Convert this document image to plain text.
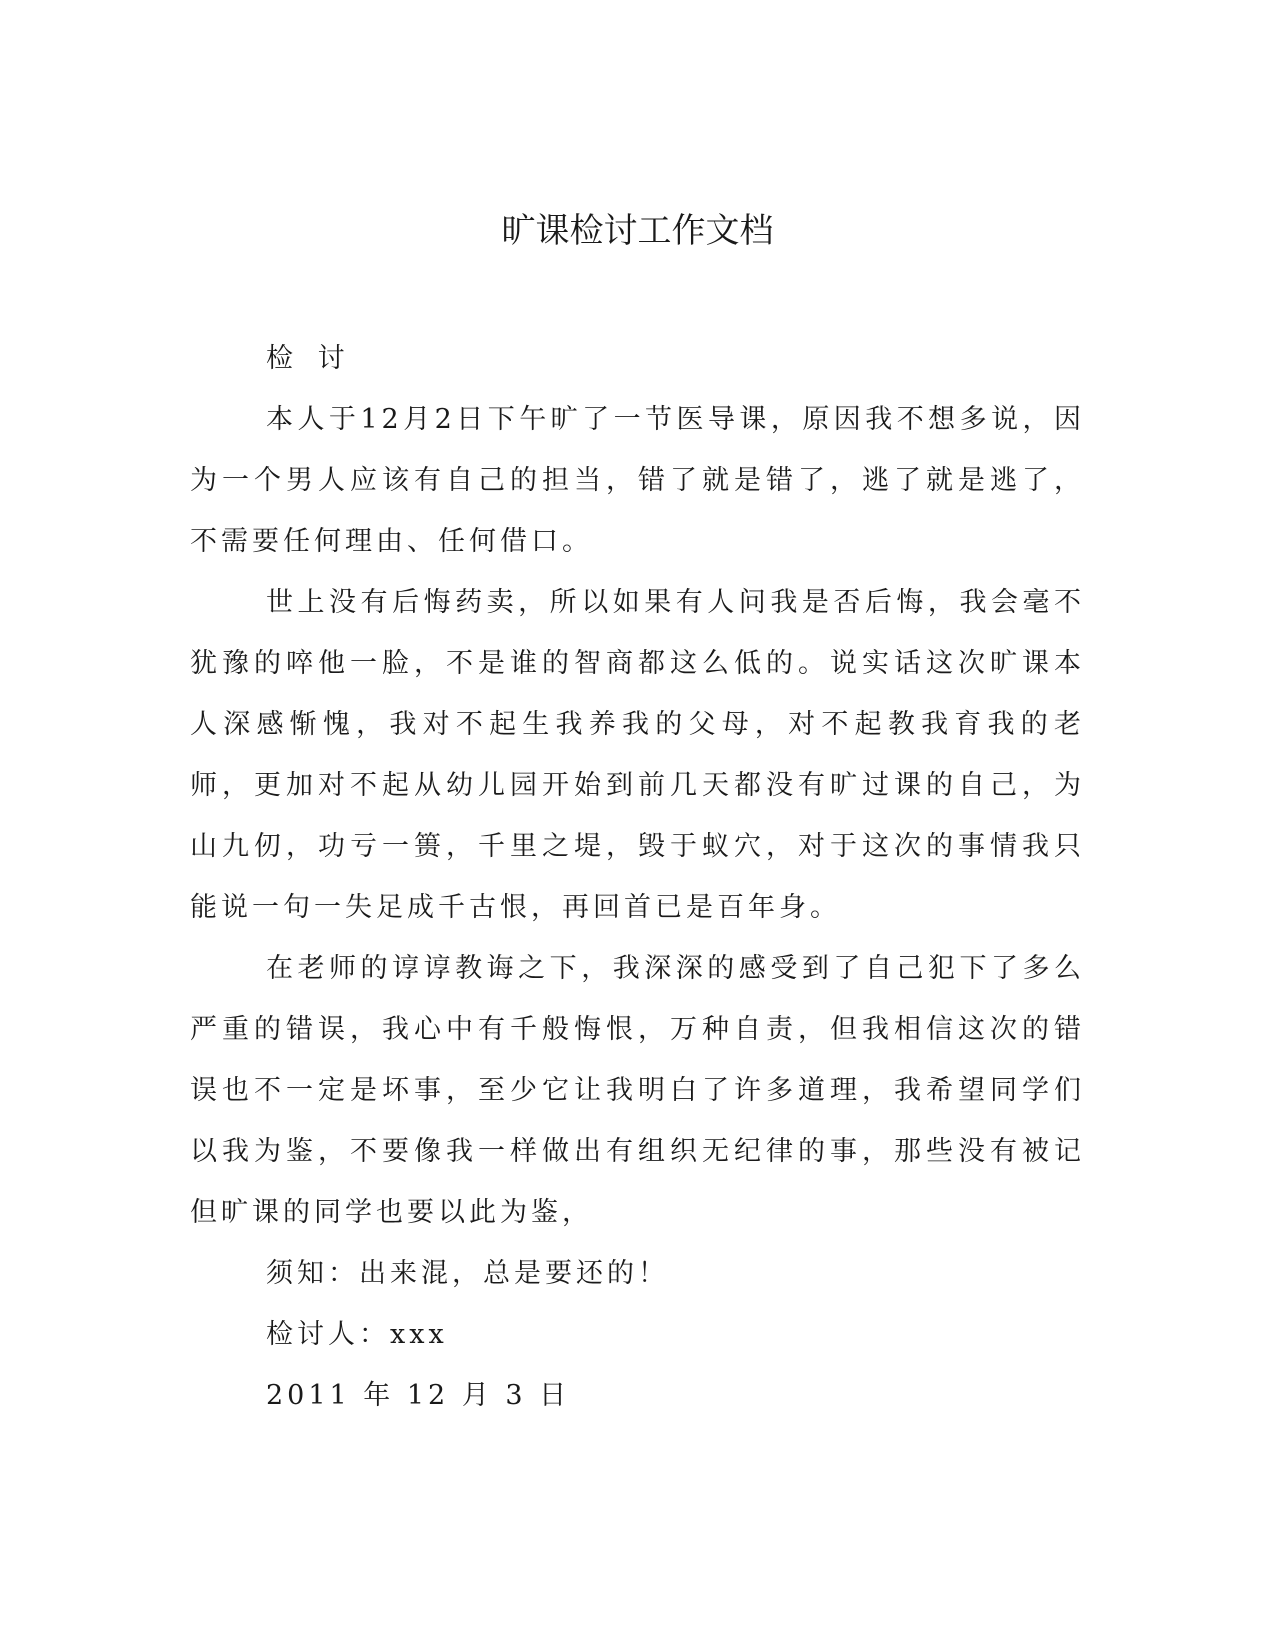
旷课检讨工作文档

检 讨

本人于12月2日下午旷了一节医导课，原因我不想多说，因为一个男人应该有自己的担当，错了就是错了，逃了就是逃了，不需要任何理由、任何借口。

世上没有后悔药卖，所以如果有人问我是否后悔，我会毫不犹豫的啐他一脸，不是谁的智商都这么低的。说实话这次旷课本人深感惭愧，我对不起生我养我的父母，对不起教我育我的老师，更加对不起从幼儿园开始到前几天都没有旷过课的自己，为山九仞，功亏一篑，千里之堤，毁于蚁穴，对于这次的事情我只能说一句一失足成千古恨，再回首已是百年身。

在老师的谆谆教诲之下，我深深的感受到了自己犯下了多么严重的错误，我心中有千般悔恨，万种自责，但我相信这次的错误也不一定是坏事，至少它让我明白了许多道理，我希望同学们以我为鉴，不要像我一样做出有组织无纪律的事，那些没有被记但旷课的同学也要以此为鉴，

须知：出来混，总是要还的！

检讨人：xxx

2011 年 12 月 3 日
